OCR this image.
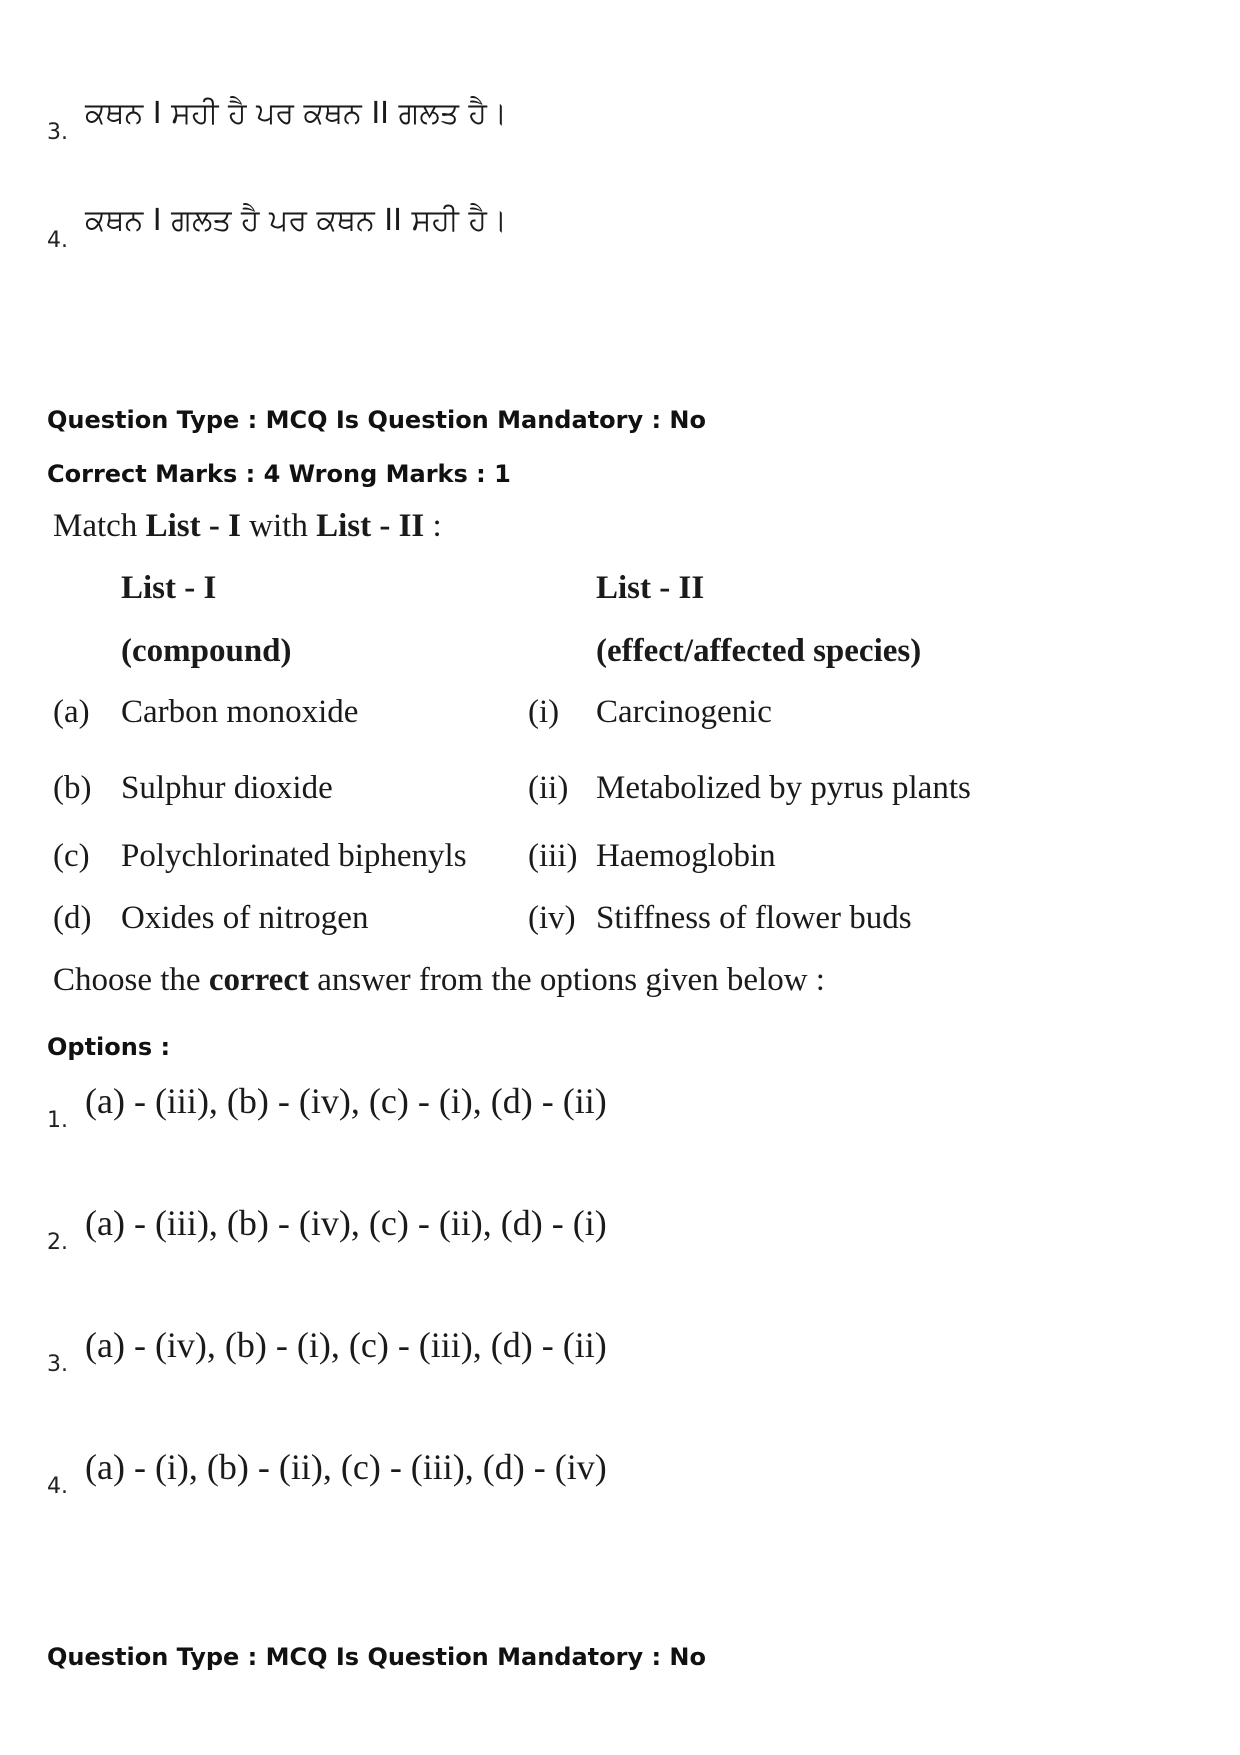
3.
ਕਥਨ I ਸਹੀ ਹੈ ਪਰ ਕਥਨ II ਗਲਤ ਹੈ।
4.
ਕਥਨ I ਗਲਤ ਹੈ ਪਰ ਕਥਨ II ਸਹੀ ਹੈ।
Question Type : MCQ Is Question Mandatory : No
Correct Marks : 4 Wrong Marks : 1
Match List - I with List - II :
List - I	List - II
(compound)	(effect/affected species)
(a) Carbon monoxide	(i) Carcinogenic
(b) Sulphur dioxide	(ii) Metabolized by pyrus plants
(c) Polychlorinated biphenyls (iii) Haemoglobin
(d) Oxides of nitrogen	(iv) Stiffness of flower buds
Choose the correct answer from the options given below :
Options :
1. (a) - (iii), (b) - (iv), (c) - (i), (d) - (ii)
2. (a) - (iii), (b) - (iv), (c) - (ii), (d) - (i)
3. (a) - (iv), (b) - (i), (c) - (iii), (d) - (ii)
4. (a) - (i), (b) - (ii), (c) - (iii), (d) - (iv)
Question Type : MCQ Is Question Mandatory : No
